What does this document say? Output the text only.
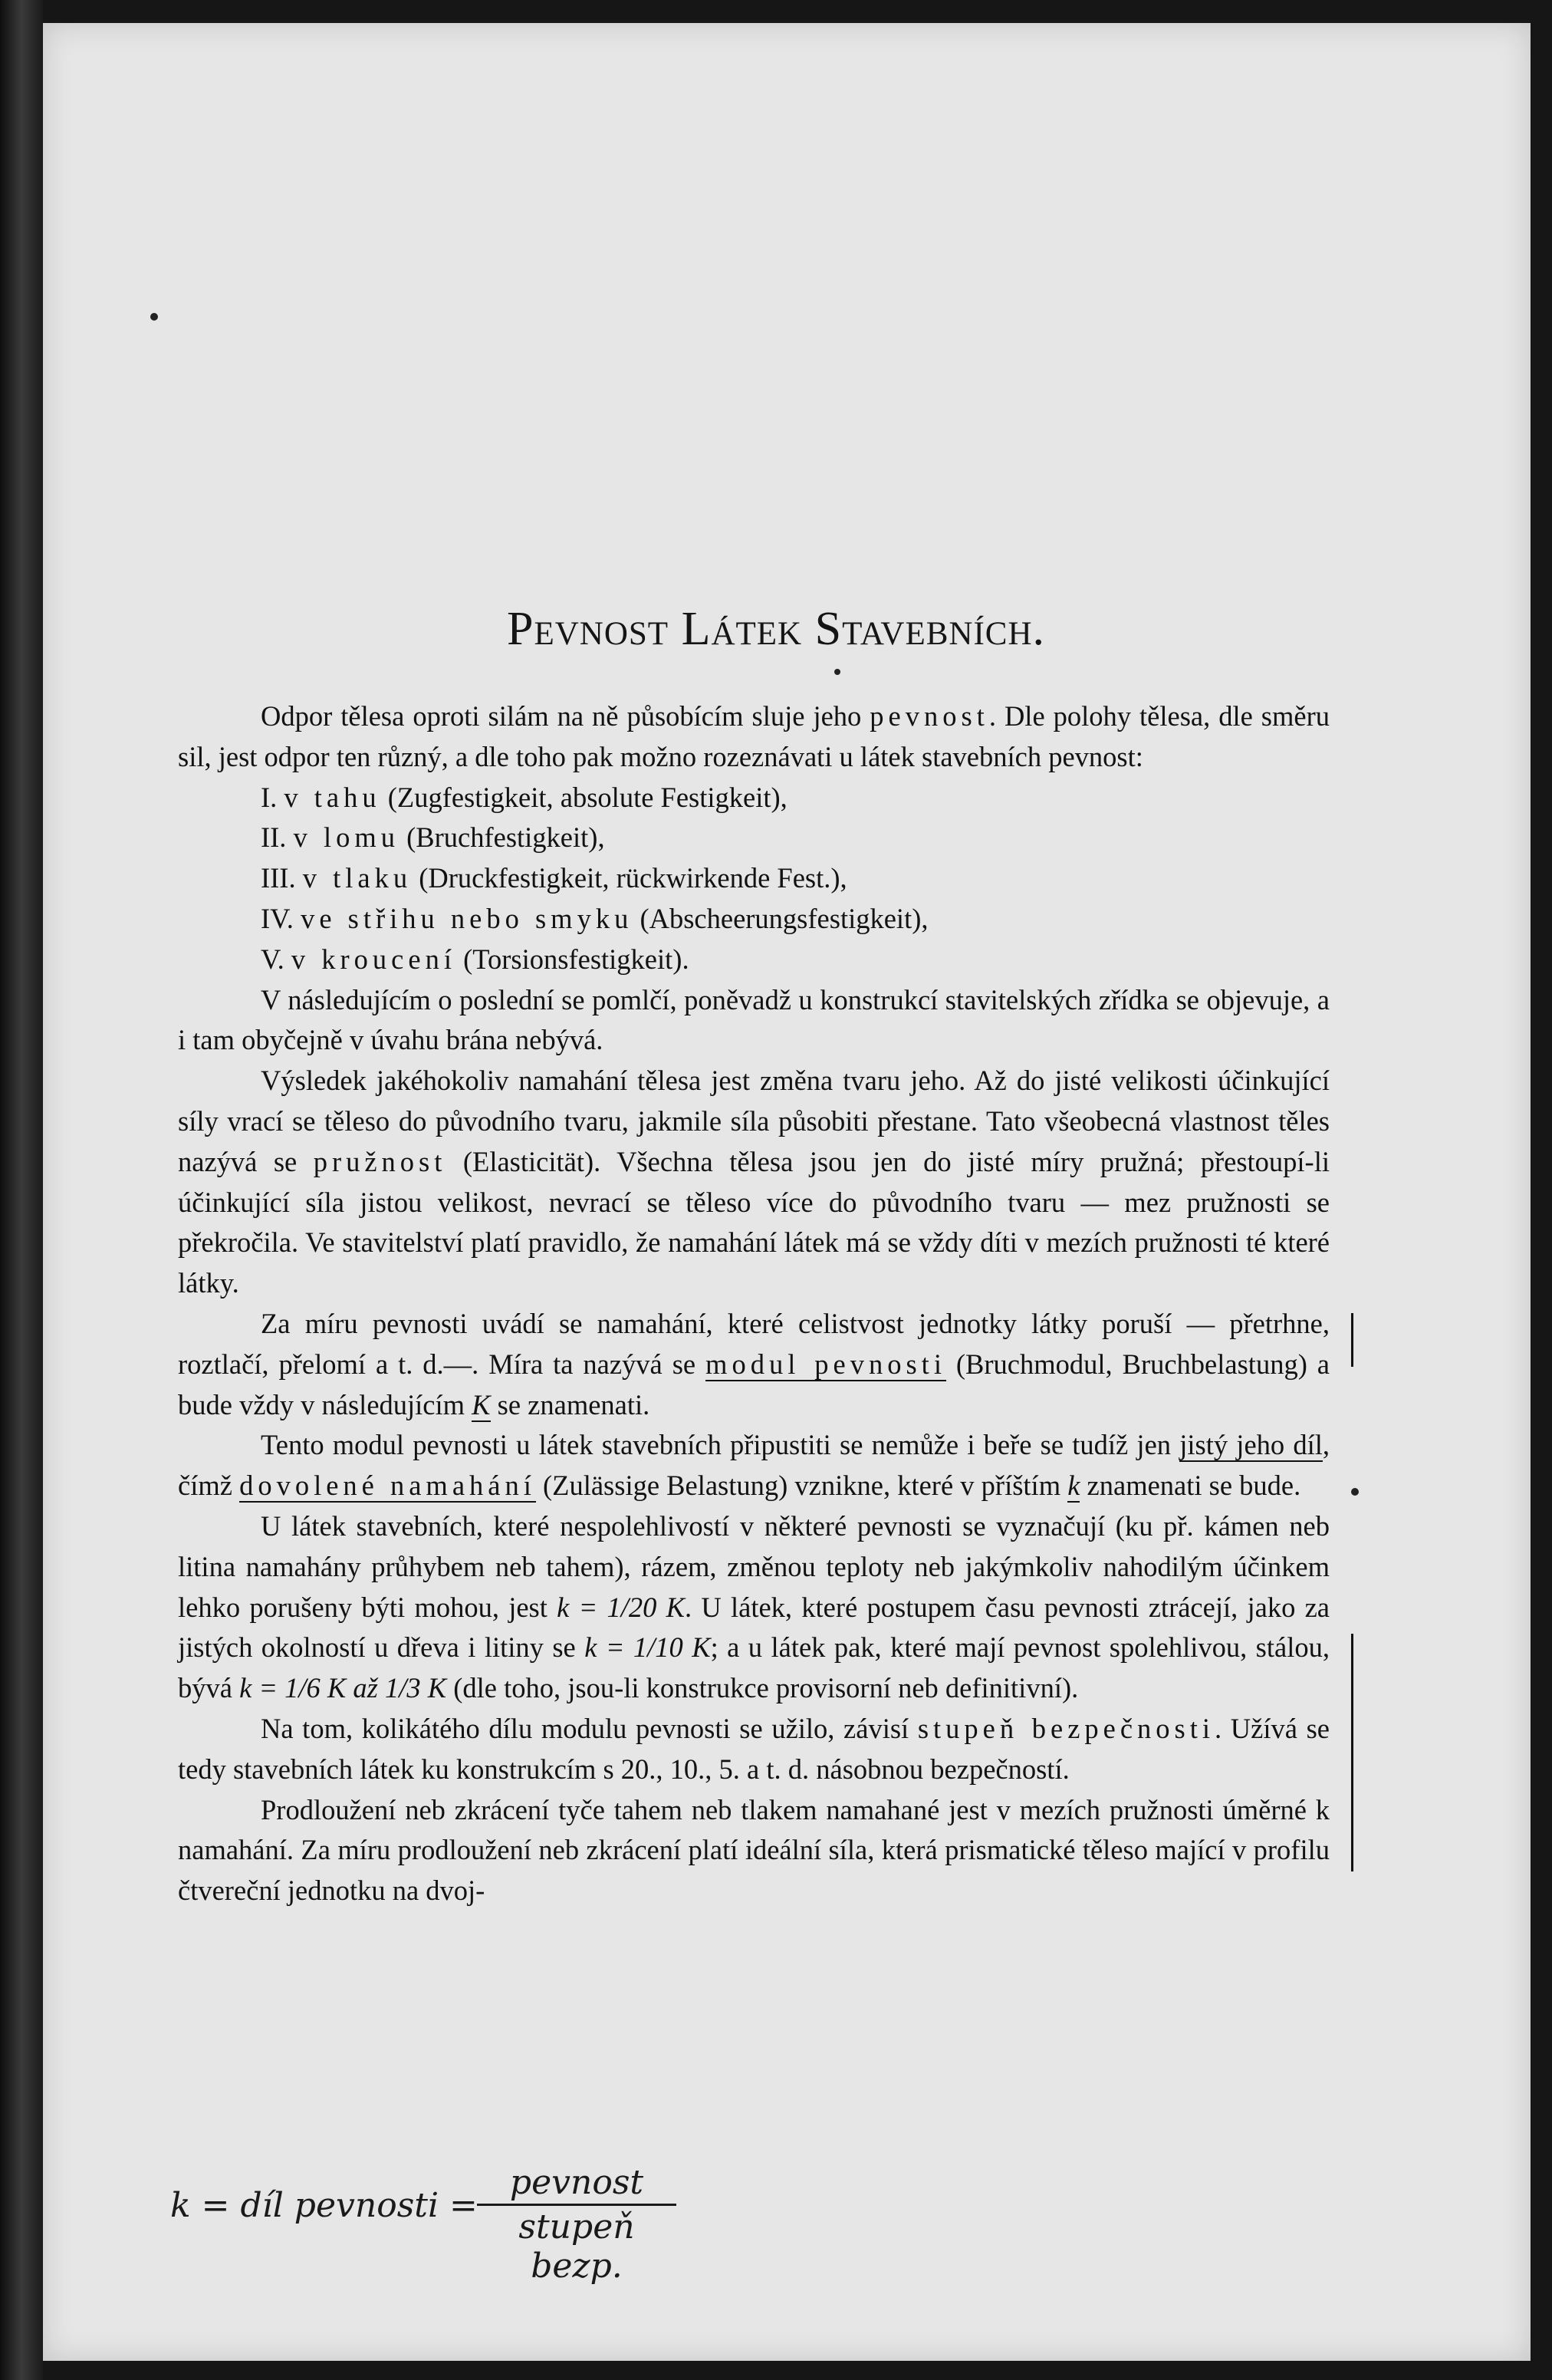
Pevnost Látek Stavebních.

Odpor tělesa oproti silám na ně působícím sluje jeho pevnost. Dle polohy tělesa, dle směru sil, jest odpor ten různý, a dle toho pak možno rozeznávati u látek stavebních pevnost:

I. v tahu (Zugfestigkeit, absolute Festigkeit),
II. v lomu (Bruchfestigkeit),
III. v tlaku (Druckfestigkeit, rückwirkende Fest.),
IV. ve střihu nebo smyku (Abscheerungsfestigkeit),
V. v kroucení (Torsionsfestigkeit).

V následujícím o poslední se pomlčí, poněvadž u konstrukcí stavitelských zřídka se objevuje, a i tam obyčejně v úvahu brána nebývá.

Výsledek jakéhokoliv namahání tělesa jest změna tvaru jeho. Až do jisté velikosti účinkující síly vrací se těleso do původního tvaru, jakmile síla působiti přestane. Tato všeobecná vlastnost těles nazývá se pružnost (Elasticität). Všechna tělesa jsou jen do jisté míry pružná; přestoupí-li účinkující síla jistou velikost, nevrací se těleso více do původního tvaru — mez pružnosti se překročila. Ve stavitelství platí pravidlo, že namahání látek má se vždy díti v mezích pružnosti té které látky.

Za míru pevnosti uvádí se namahání, které celistvost jednotky látky poruší — přetrhne, roztlačí, přelomí a t. d.—. Míra ta nazývá se modul pevnosti (Bruchmodul, Bruchbelastung) a bude vždy v následujícím K se znamenati.

Tento modul pevnosti u látek stavebních připustiti se nemůže i beře se tudíž jen jistý jeho díl, čímž dovolené namahání (Zulässige Belastung) vznikne, které v příštím k znamenati se bude.

U látek stavebních, které nespolehlivostí v některé pevnosti se vyznačují (ku př. kámen neb litina namahány průhybem neb tahem), rázem, změnou teploty neb jakýmkoliv nahodilým účinkem lehko porušeny býti mohou, jest k = 1/20 K. U látek, které postupem času pevnosti ztrácejí, jako za jistých okolností u dřeva i litiny se k = 1/10 K; a u látek pak, které mají pevnost spolehlivou, stálou, bývá k = 1/6 K až 1/3 K (dle toho, jsou-li konstrukce provisorní neb definitivní).

Na tom, kolikátého dílu modulu pevnosti se užilo, závisí stupeň bezpečnosti. Užívá se tedy stavebních látek ku konstrukcím s 20., 10., 5. a t. d. násobnou bezpečností.

Prodloužení neb zkrácení tyče tahem neb tlakem namahané jest v mezích pružnosti úměrné k namahání. Za míru prodloužení neb zkrácení platí ideální síla, která prismatické těleso mající v profilu čtvereční jednotku na dvoj-

k = díl pevnosti =
pevnost
stupeň bezp.
